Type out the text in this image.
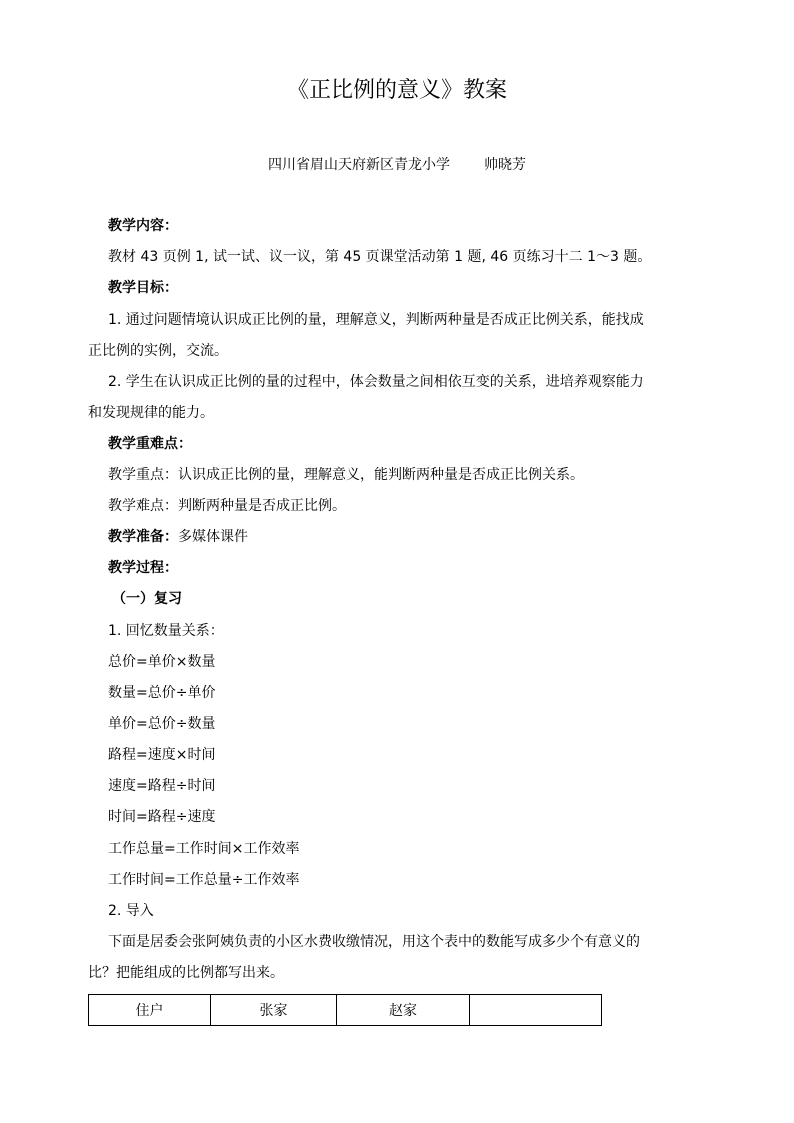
《正比例的意义》教案
四川省眉山天府新区青龙小学 帅晓芳
教学内容：
教材 43 页例 1, 试一试、议一议，第 45 页课堂活动第 1 题, 46 页练习十二 1～3 题。
教学目标：
1. 通过问题情境认识成正比例的量，理解意义，判断两种量是否成正比例关系，能找成
正比例的实例，交流。
2. 学生在认识成正比例的量的过程中，体会数量之间相依互变的关系，进培养观察能力
和发现规律的能力。
教学重难点：
教学重点：认识成正比例的量，理解意义，能判断两种量是否成正比例关系。
教学难点：判断两种量是否成正比例。
教学准备：多媒体课件
教学过程：
（一）复习
1. 回忆数量关系：
总价=单价×数量
数量=总价÷单价
单价=总价÷数量
路程=速度×时间
速度=路程÷时间
时间=路程÷速度
工作总量=工作时间×工作效率
工作时间=工作总量÷工作效率
2. 导入
下面是居委会张阿姨负责的小区水费收缴情况，用这个表中的数能写成多少个有意义的
比？把能组成的比例都写出来。
住户	张家	赵家	
